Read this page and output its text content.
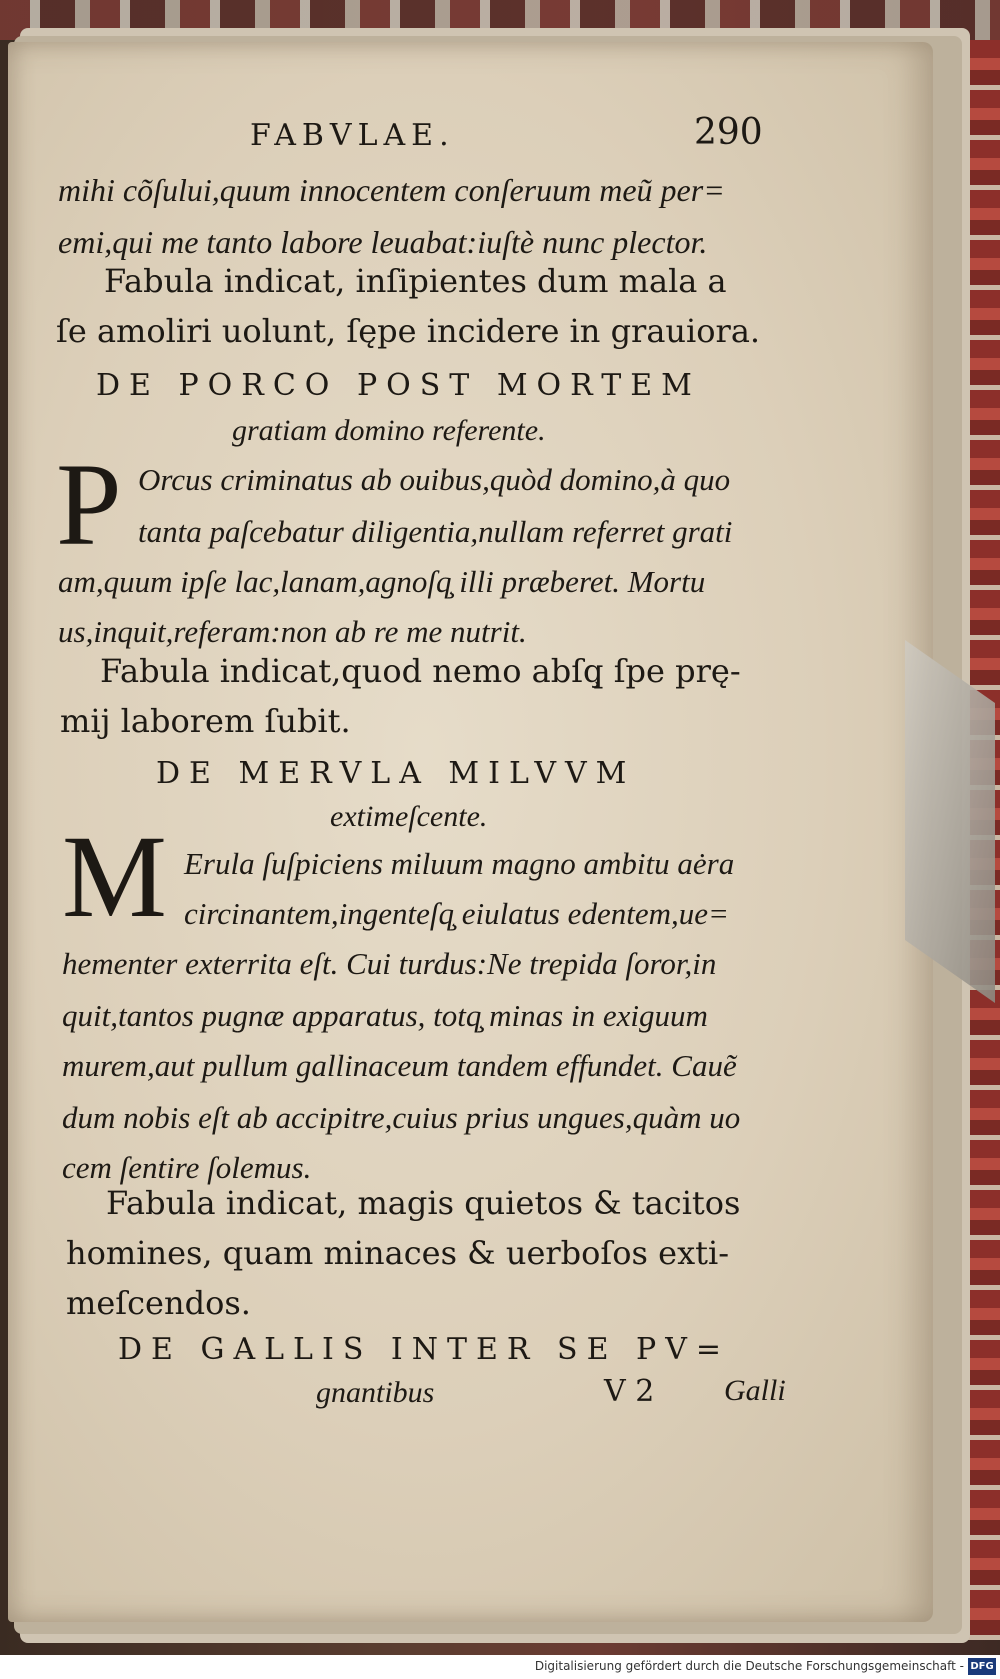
FABVLAE.	290
mihi cõſului,quum innocentem conſeruum meũ per=
emi,qui me tanto labore leuabat:iuſtè nunc plector.
Fabula indicat, inſipientes dum mala a
ſe amoliri uolunt, ſępe incidere in grauiora.
DE PORCO POST MORTEM
gratiam domino referente.
P Orcus criminatus ab ouibus,quòd domino,à quo
tanta paſcebatur diligentia,nullam referret grati
am,quum ipſe lac,lanam,agnoſq̧ illi præberet. Mortu
us,inquit,referam:non ab re me nutrit.
Fabula indicat,quod nemo abſq̧ ſpe prę-
mij laborem ſubit.
DE MERVLA MILVVM
extimeſcente.
M Erula ſuſpiciens miluum magno ambitu aėra
circinantem,ingenteſq̧ eiulatus edentem,ue=
hementer exterrita eſt. Cui turdus:Ne trepida ſoror,in
quit,tantos pugnæ apparatus, totq̧ minas in exiguum
murem,aut pullum gallinaceum tandem effundet. Cauẽ
dum nobis eſt ab accipitre,cuius prius ungues,quàm uo
cem ſentire ſolemus.
Fabula indicat, magis quietos & tacitos
homines, quam minaces & uerboſos exti-
meſcendos.
DE GALLIS INTER SE PV=
gnantibus	V 2 Galli
Digitalisierung gefördert durch die Deutsche Forschungsgemeinschaft - DFG
